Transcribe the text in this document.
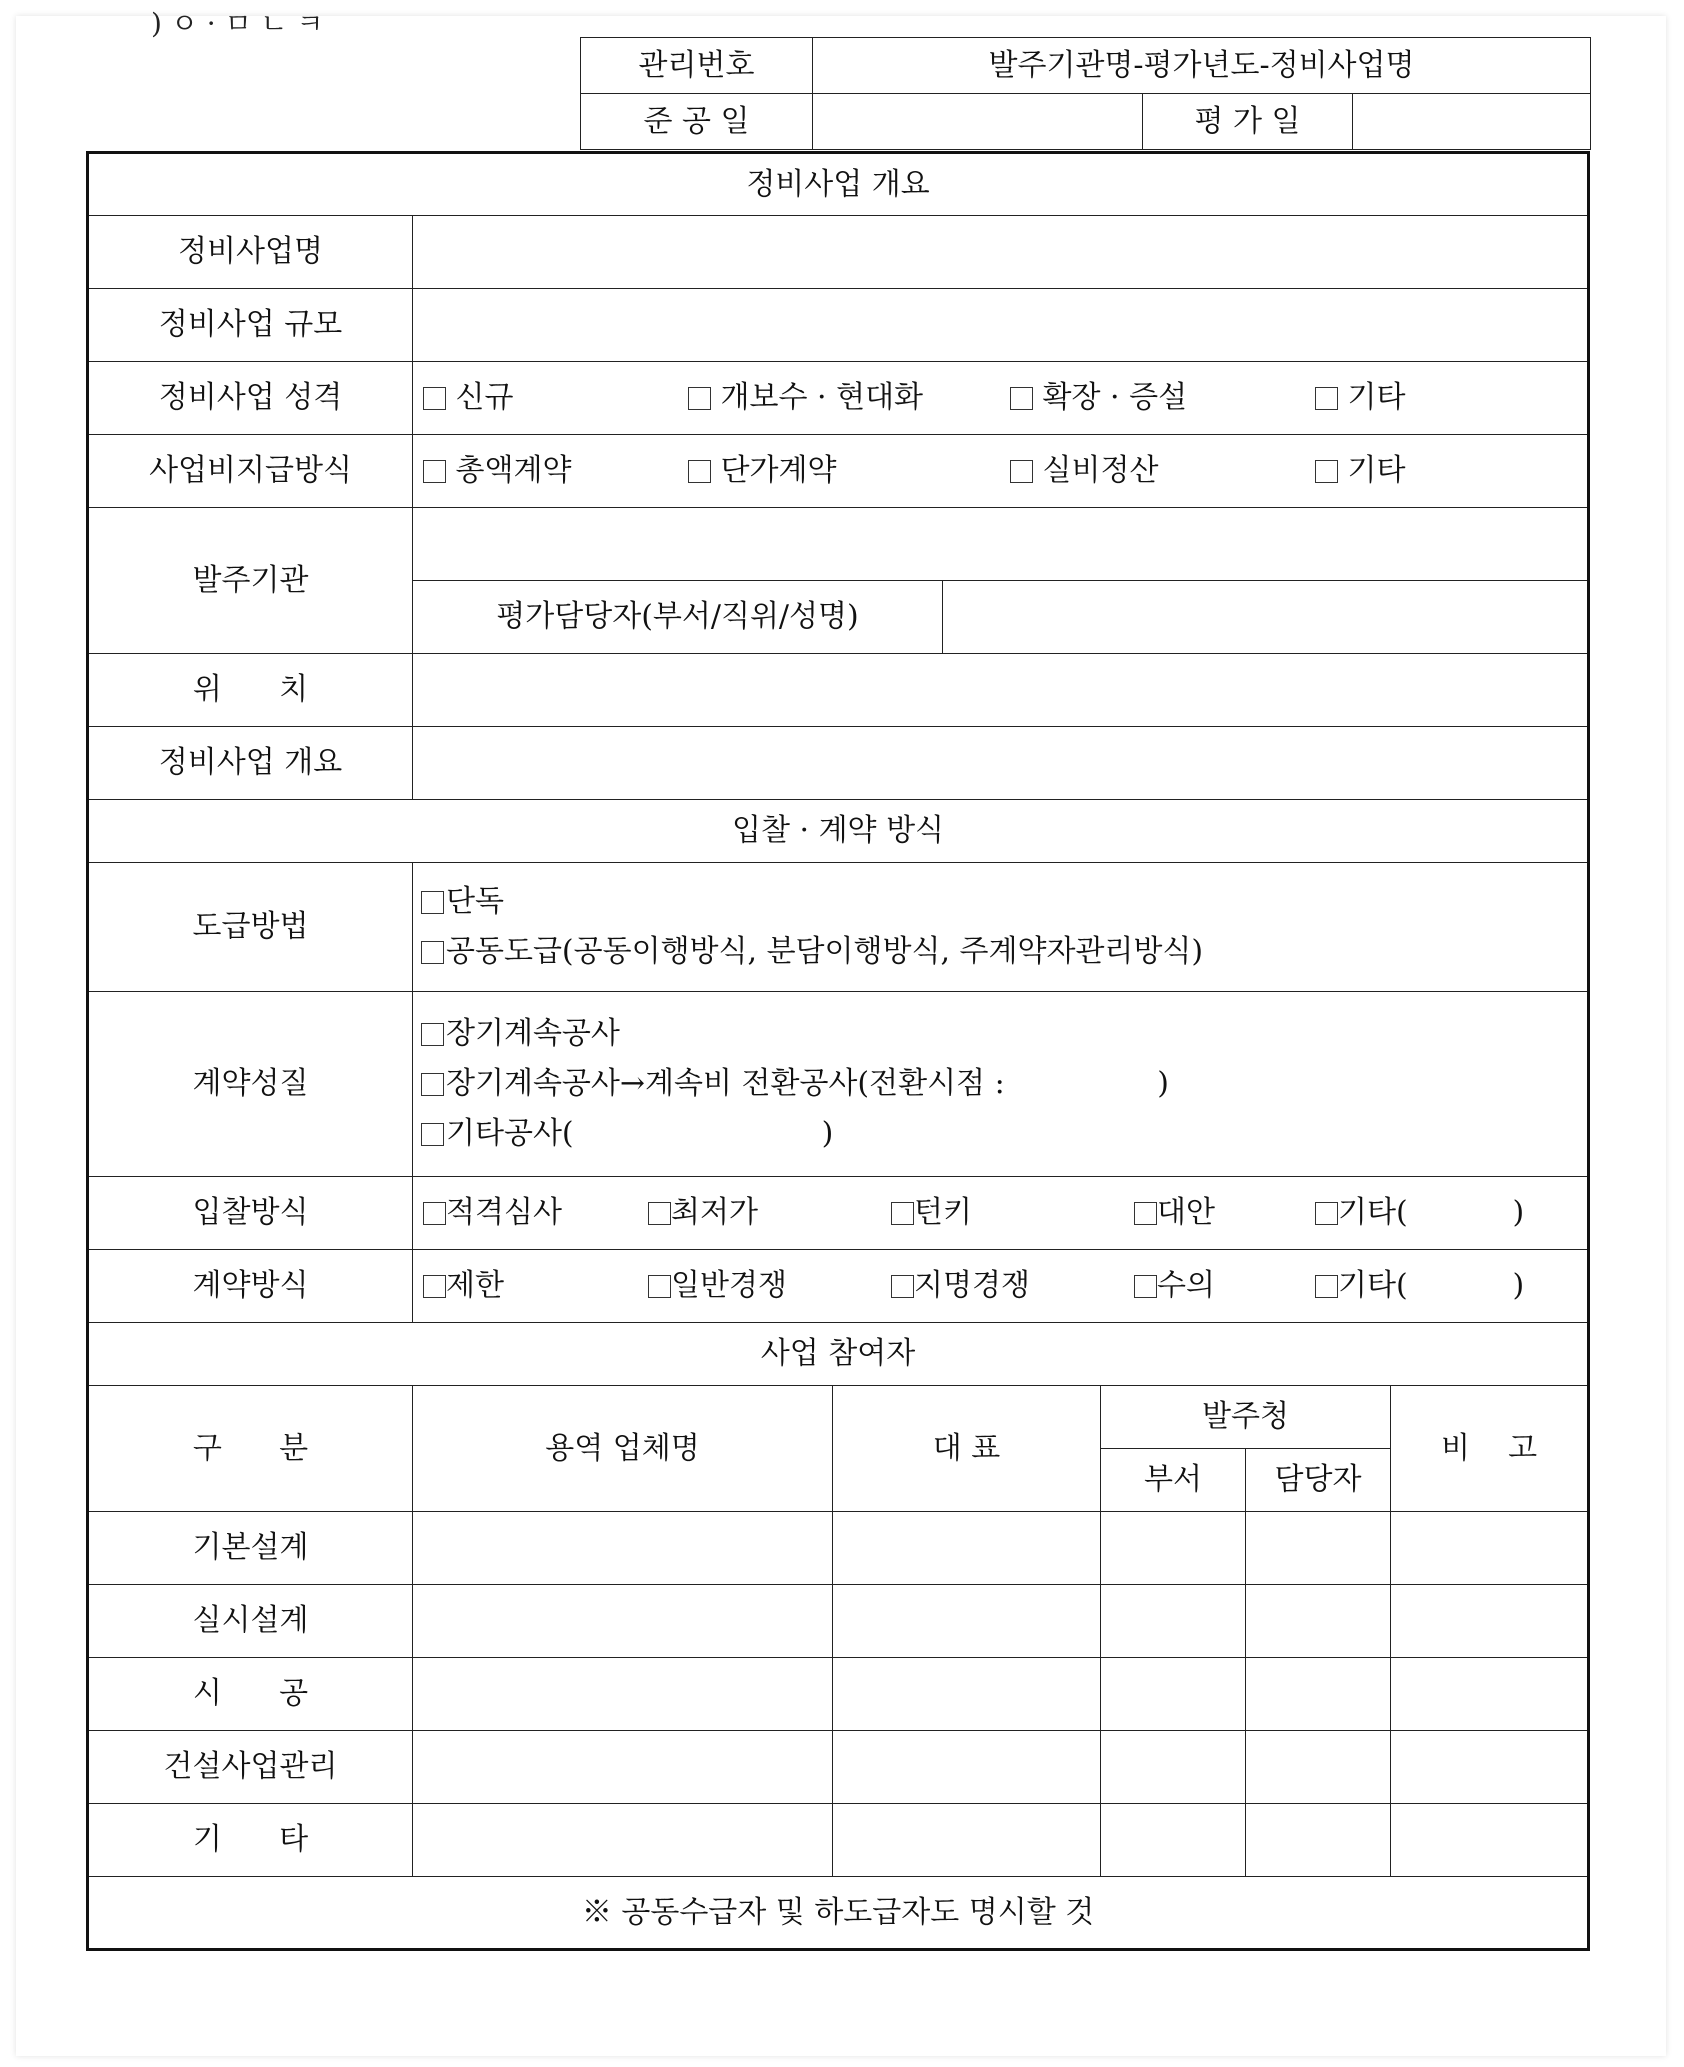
) ㅇ · ㅁ ㄴ ㅋ
관리번호	발주기관명-평가년도-정비사업명		
준 공 일		평 가 일	
정비사업 개요						
정비사업명						
정비사업 규모						
정비사업 성격	신규 개보수 · 현대화 확장 · 증설 기타					

사업비지급방식	총액계약 단가계약 실비정산 기타					

발주기관						
	평가담당자(부서/직위/성명)					
위      치						
정비사업 개요						
입찰 · 계약 방식						
도급방법	단독
공동도급(공동이행방식, 분담이행방식, 주계약자관리방식)					

계약성질	장기계속공사
장기계속공사→계속비 전환공사(전환시점 :                )
기타공사(                          )					

입찰방식	적격심사 최저가 턴키 대안 기타(           )					

계약방식	제한 일반경쟁 지명경쟁 수의 기타(           )					

사업 참여자						
구      분	용역 업체명	대 표		발주청		비    고
				부서	담당자	
기본설계						
실시설계						
시      공						
건설사업관리						
기      타						
※ 공동수급자 및 하도급자도 명시할 것						
